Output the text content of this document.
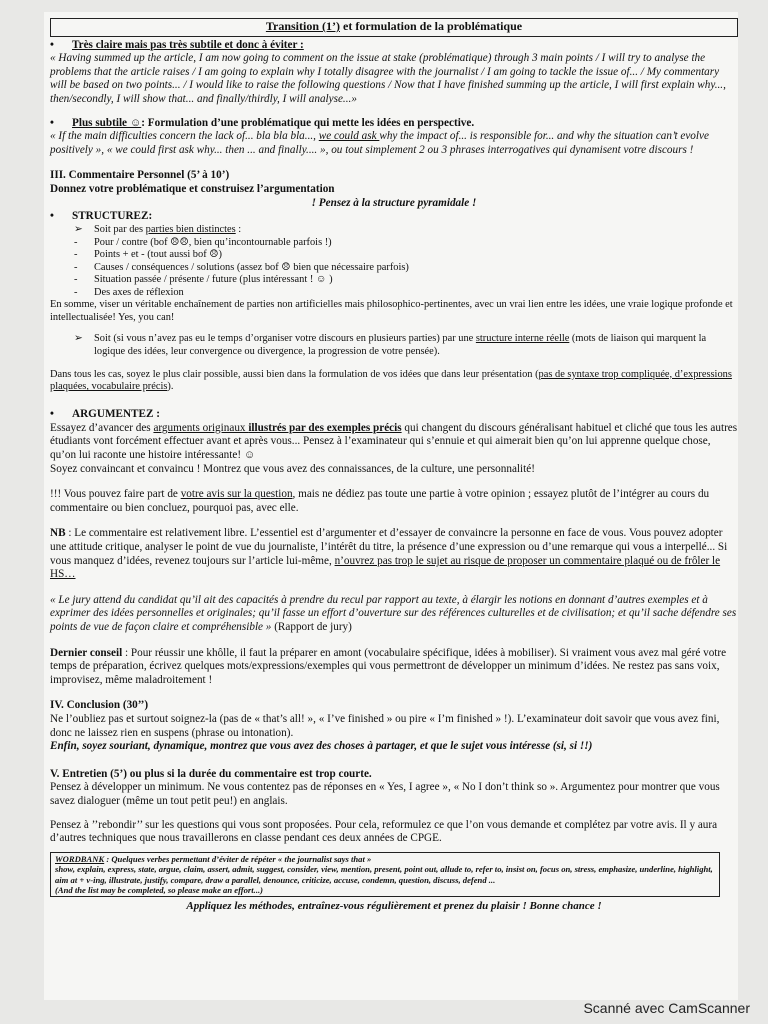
Transition (1’) et formulation de la problématique

• Très claire mais pas très subtile et donc à éviter :

« Having summed up the article, I am now going to comment on the issue at stake (problématique) through 3 main points / I will try to analyse the problems that the article raises / I am going to explain why I totally disagree with the journalist / I am going to tackle the issue of... / My commentary will be based on two points... / I would like to raise the following questions / Now that I have finished summing up the article, I will first explain why..., then/secondly, I will show that... and finally/thirdly, I will analyse...»

• Plus subtile ☺: Formulation d’une problématique qui mette les idées en perspective.

« If the main difficulties concern the lack of... bla bla bla..., we could ask why the impact of... is responsible for... and why the situation can’t evolve positively », « we could first ask why... then ... and finally.... », ou tout simplement 2 ou 3 phrases interrogatives qui dynamisent votre discours !

III. Commentaire Personnel (5’ à 10’)

Donnez votre problématique et construisez l’argumentation

! Pensez à la structure pyramidale !

• STRUCTUREZ:

➢ Soit par des parties bien distinctes :
- Pour / contre (bof ☹☹, bien qu’incontournable parfois !)
- Points + et - (tout aussi bof ☹)
- Causes / conséquences / solutions (assez bof ☹ bien que nécessaire parfois)
- Situation passée / présente / future (plus intéressant ! ☺ )
- Des axes de réflexion

En somme, viser un véritable enchaînement de parties non artificielles mais philosophico-pertinentes, avec un vrai lien entre les idées, une vraie logique profonde et intellectualisée! Yes, you can!

➢ Soit (si vous n’avez pas eu le temps d’organiser votre discours en plusieurs parties) par une structure interne réelle (mots de liaison qui marquent la logique des idées, leur convergence ou divergence, la progression de votre pensée).

Dans tous les cas, soyez le plus clair possible, aussi bien dans la formulation de vos idées que dans leur présentation (pas de syntaxe trop compliquée, d’expressions plaquées, vocabulaire précis).

• ARGUMENTEZ :

Essayez d’avancer des arguments originaux illustrés par des exemples précis qui changent du discours généralisant habituel et cliché que tous les autres étudiants vont forcément effectuer avant et après vous... Pensez à l’examinateur qui s’ennuie et qui aimerait bien qu’on lui apprenne quelque chose, qu’on lui raconte une histoire intéressante! ☺

Soyez convaincant et convaincu ! Montrez que vous avez des connaissances, de la culture, une personnalité!

!!! Vous pouvez faire part de votre avis sur la question, mais ne dédiez pas toute une partie à votre opinion ; essayez plutôt de l’intégrer au cours du commentaire ou bien concluez, pourquoi pas, avec elle.

NB : Le commentaire est relativement libre. L’essentiel est d’argumenter et d’essayer de convaincre la personne en face de vous. Vous pouvez adopter une attitude critique, analyser le point de vue du journaliste, l’intérêt du titre, la présence d’une expression ou d’une remarque qui vous a interpellé... Si vous manquez d’idées, revenez toujours sur l’article lui-même, n’ouvrez pas trop le sujet au risque de proposer un commentaire plaqué ou de frôler le HS…

« Le jury attend du candidat qu’il ait des capacités à prendre du recul par rapport au texte, à élargir les notions en donnant d’autres exemples et à exprimer des idées personnelles et originales; qu’il fasse un effort d’ouverture sur des références culturelles et de civilisation; et qu’il sache défendre ses points de vue de façon claire et compréhensible » (Rapport de jury)

Dernier conseil : Pour réussir une khôlle, il faut la préparer en amont (vocabulaire spécifique, idées à mobiliser). Si vraiment vous avez mal géré votre temps de préparation, écrivez quelques mots/expressions/exemples qui vous permettront de développer un minimum d’idées. Ne restez pas sans voix, improvisez, même maladroitement !

IV. Conclusion (30’’)

Ne l’oubliez pas et surtout soignez-la (pas de « that’s all! », « I’ve finished » ou pire « I’m finished » !). L’examinateur doit savoir que vous avez fini, donc ne laissez rien en suspens (phrase ou intonation).

Enfin, soyez souriant, dynamique, montrez que vous avez des choses à partager, et que le sujet vous intéresse (si, si !!)

V. Entretien (5’) ou plus si la durée du commentaire est trop courte.

Pensez à développer un minimum. Ne vous contentez pas de réponses en « Yes, I agree », « No I don’t think so ». Argumentez pour montrer que vous savez dialoguer (même un tout petit peu!) en anglais.

Pensez à ’’rebondir’’ sur les questions qui vous sont proposées. Pour cela, reformulez ce que l’on vous demande et complétez par votre avis. Il y aura d’autres techniques que nous travaillerons en classe pendant ces deux années de CPGE.

WORDBANK : Quelques verbes permettant d’éviter de répéter « the journalist says that »
show, explain, express, state, argue, claim, assert, admit, suggest, consider, view, mention, present, point out, allude to, refer to, insist on, focus on, stress, emphasize, underline, highlight, aim at + v-ing, illustrate, justify, compare, draw a parallel, denounce, criticize, accuse, condemn, question, discuss, defend ...
(And the list may be completed, so please make an effort...)

Appliquez les méthodes, entraînez-vous régulièrement et prenez du plaisir ! Bonne chance !

Scanné avec CamScanner
